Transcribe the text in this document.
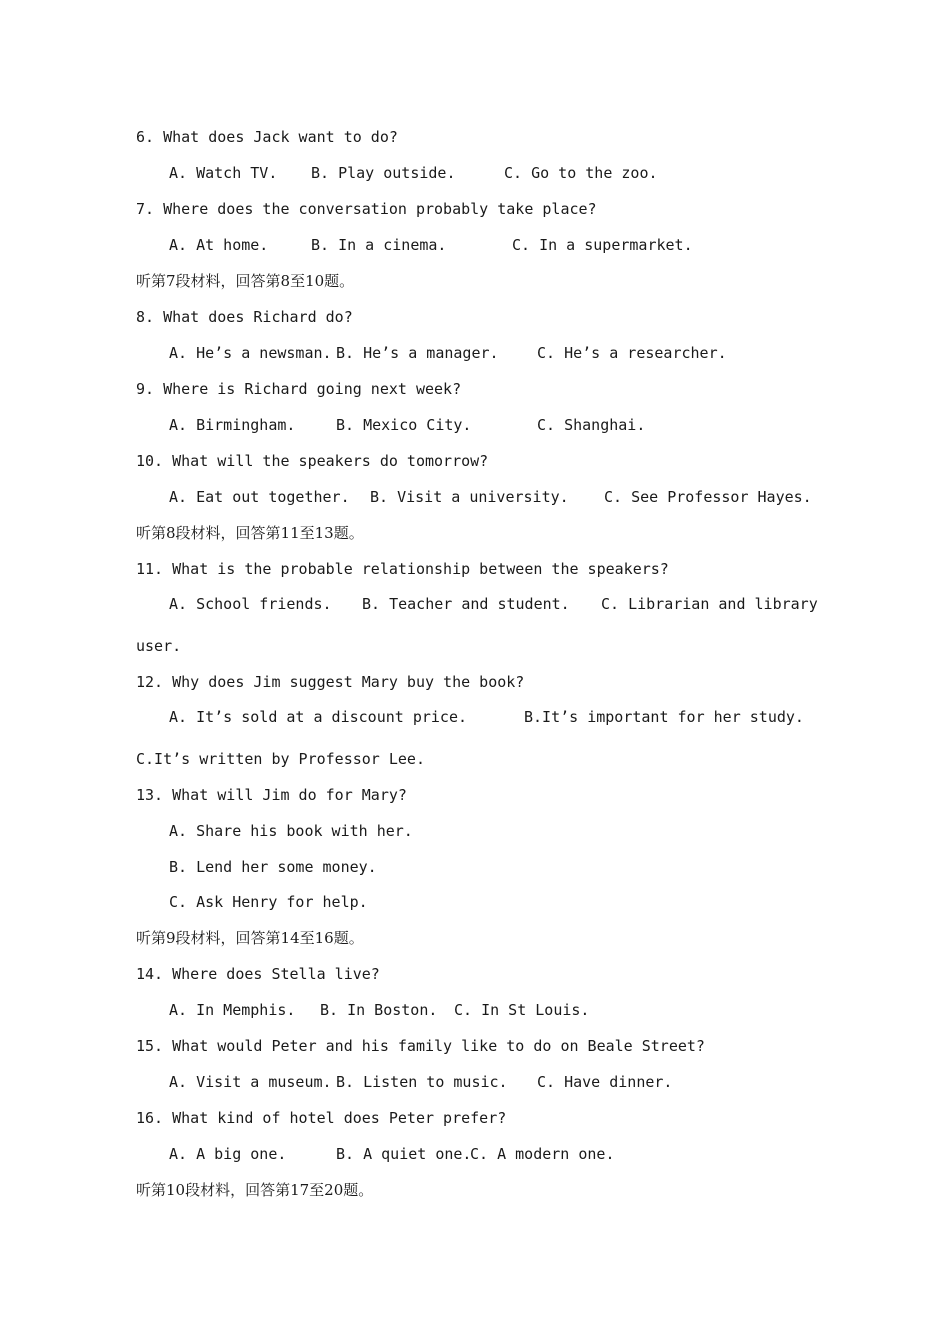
6. What does Jack want to do?
A. Watch TV. B. Play outside.	C. Go to the zoo.
7. Where does the conversation probably take place?
A. At home.	B. In a cinema.	C. In a supermarket.
听第7段材料，回答第8至10题。
8. What does Richard do?
A. He’s a newsman. B. He’s a manager.	C. He’s a researcher.
9. Where is Richard going next week?
A. Birmingham.	B. Mexico City.	C. Shanghai.
10. What will the speakers do tomorrow?
A. Eat out together. B. Visit a university. C. See Professor Hayes.
听第8段材料，回答第11至13题。
11. What is the probable relationship between the speakers?
A. School friends. B. Teacher and student. C. Librarian and library
user.
12. Why does Jim suggest Mary buy the book?
A. It’s sold at a discount price.	B.It’s important for her study.
C.It’s written by Professor Lee.
13. What will Jim do for Mary?
A. Share his book with her.
B. Lend her some money.
C. Ask Henry for help.
听第9段材料，回答第14至16题。
14. Where does Stella live?
A. In Memphis. B. In Boston. C. In St Louis.
15. What would Peter and his family like to do on Beale Street?
A. Visit a museum. B. Listen to music. C. Have dinner.
16. What kind of hotel does Peter prefer?
A. A big one.	B. A quiet one.
C. A modern one.
听第10段材料，回答第17至20题。
